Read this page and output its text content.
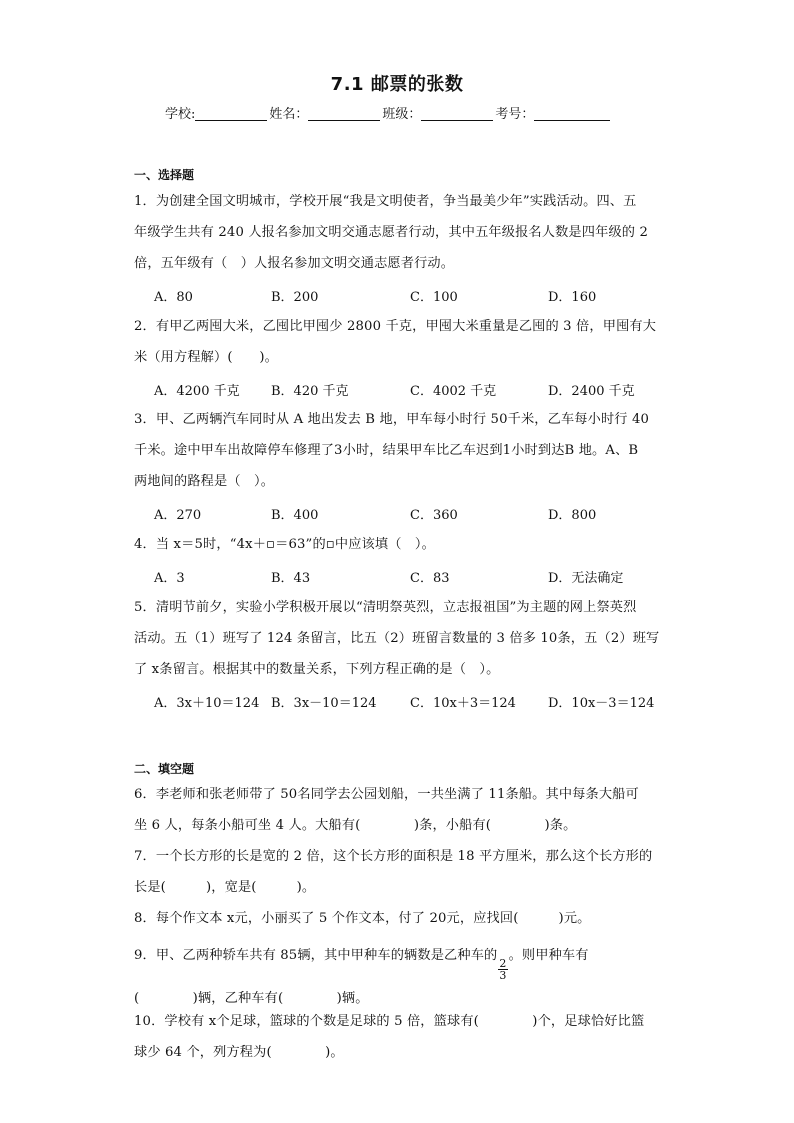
7.1 邮票的张数
学校:	姓名：	班级：	考号：
一、选择题
1．为创建全国文明城市，学校开展“我是文明使者，争当最美少年”实践活动。四、五
年级学生共有 240 人报名参加文明交通志愿者行动，其中五年级报名人数是四年级的 2
倍，五年级有（　）人报名参加文明交通志愿者行动。
A．80	B．200	C．100	D．160
2．有甲乙两囤大米，乙囤比甲囤少 2800 千克，甲囤大米重量是乙囤的 3 倍，甲囤有大
米（用方程解）(　　)。
A．4200 千克 B．420 千克	C．4002 千克	D．2400 千克
3．甲、乙两辆汽车同时从 A 地出发去 B 地，甲车每小时行 50千米，乙车每小时行 40
千米。途中甲车出故障停车修理了3小时，结果甲车比乙车迟到1小时到达B 地。A、B
两地间的路程是（　）。
A．270	B．400	C．360	D．800
4．当 x＝5时，“4x＋▫＝63”的▫中应该填（　）。
A．3	B．43	C．83	D．无法确定
5．清明节前夕，实验小学积极开展以“清明祭英烈，立志报祖国”为主题的网上祭英烈
活动。五（1）班写了 124 条留言，比五（2）班留言数量的 3 倍多 10条，五（2）班写
了 x条留言。根据其中的数量关系，下列方程正确的是（　）。
A．3x＋10＝124 B．3x－10＝124	C．10x＋3＝124 D．10x－3＝124
二、填空题
6．李老师和张老师带了 50名同学去公园划船，一共坐满了 11条船。其中每条大船可
坐 6 人，每条小船可坐 4 人。大船有(　　　　)条，小船有(　　　　)条。
7．一个长方形的长是宽的 2 倍，这个长方形的面积是 18 平方厘米，那么这个长方形的
长是(　　　)，宽是(　　　)。
8．每个作文本 x元，小丽买了 5 个作文本，付了 20元，应找回(　　　)元。
9．甲、乙两种轿车共有 85辆，其中甲种车的辆数是乙种车的
$\frac{2}{3}$
。则甲种车有
(　　　　)辆，乙种车有(　　　　)辆。
10．学校有 x个足球，篮球的个数是足球的 5 倍，篮球有(　　　　)个，足球恰好比篮
球少 64 个，列方程为(　　　　)。
